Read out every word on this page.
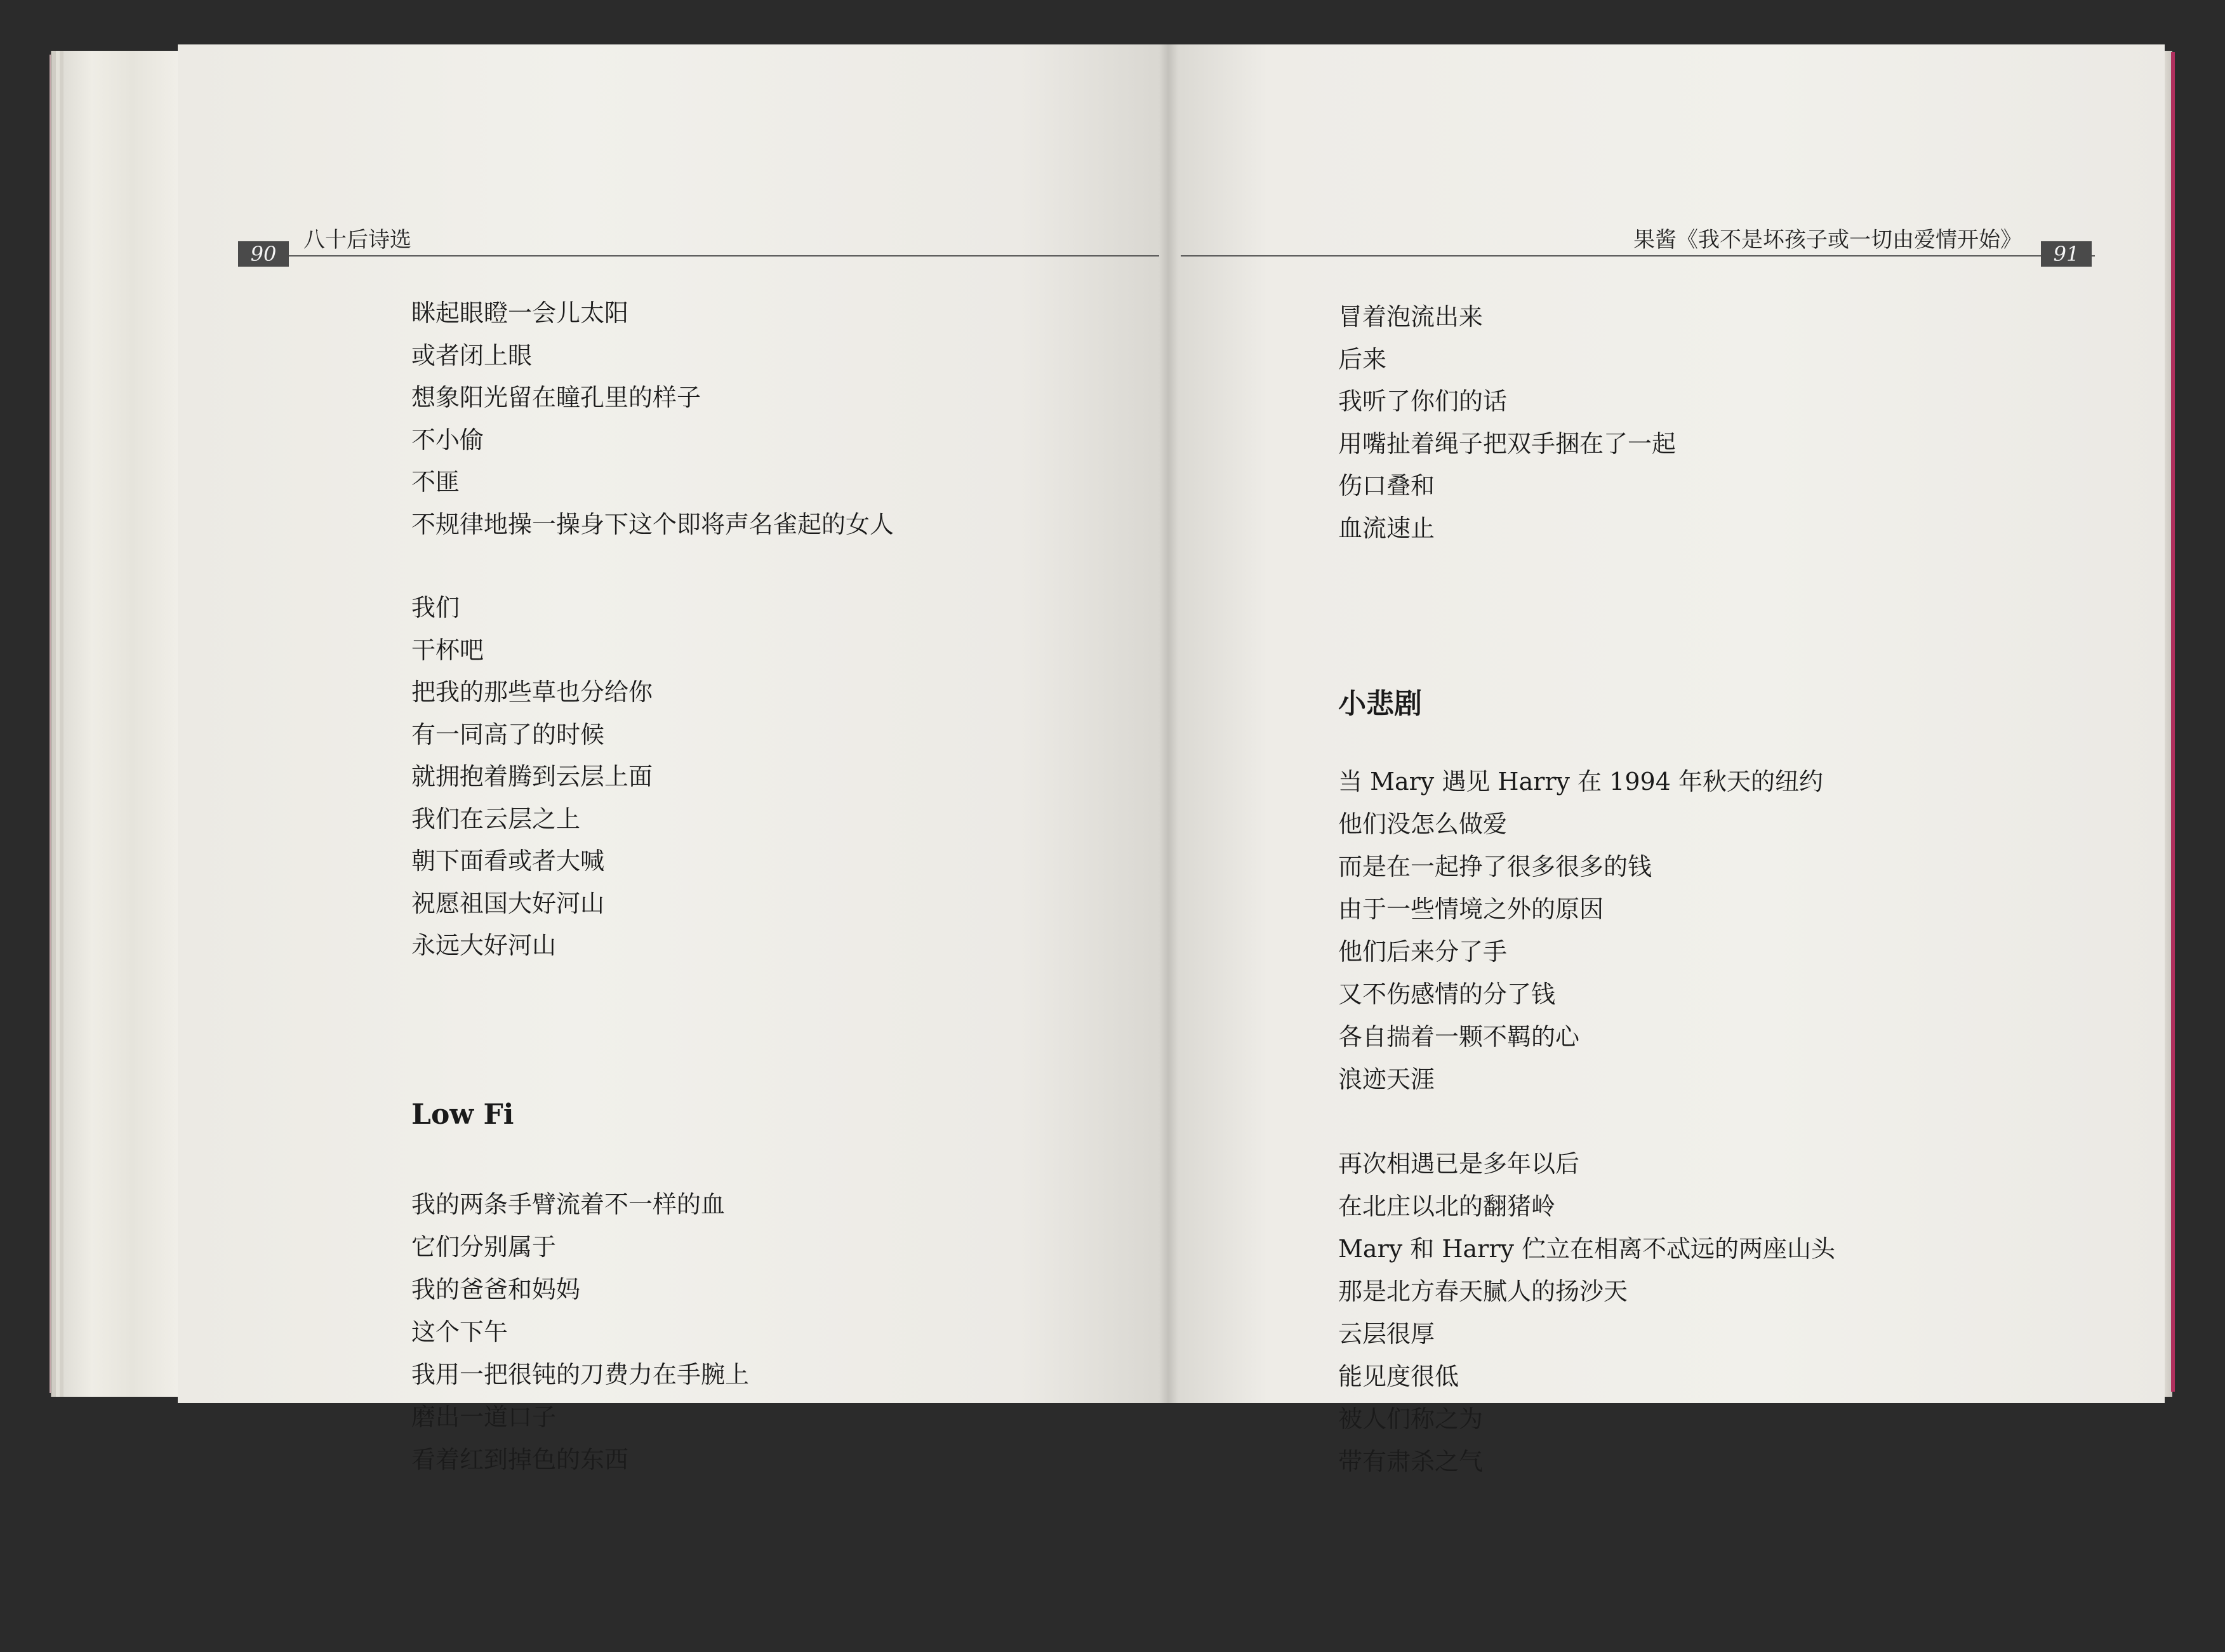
90	91
八十后诗选	果酱《我不是坏孩子或一切由爱情开始》
眯起眼瞪一会儿太阳
或者闭上眼
想象阳光留在瞳孔里的样子
不小偷
不匪
不规律地操一操身下这个即将声名雀起的女人
我们
干杯吧
把我的那些草也分给你
有一同高了的时候
就拥抱着腾到云层上面
我们在云层之上
朝下面看或者大喊
祝愿祖国大好河山
永远大好河山
Low Fi
我的两条手臂流着不一样的血
它们分别属于
我的爸爸和妈妈
这个下午
我用一把很钝的刀费力在手腕上
磨出一道口子
看着红到掉色的东西
冒着泡流出来
后来
我听了你们的话
用嘴扯着绳子把双手捆在了一起
伤口叠和
血流速止
小悲剧
当 Mary 遇见 Harry 在 1994 年秋天的纽约
他们没怎么做爱
而是在一起挣了很多很多的钱
由于一些情境之外的原因
他们后来分了手
又不伤感情的分了钱
各自揣着一颗不羁的心
浪迹天涯
再次相遇已是多年以后
在北庄以北的翻猪岭
Mary 和 Harry 伫立在相离不忒远的两座山头
那是北方春天腻人的扬沙天
云层很厚
能见度很低
被人们称之为
带有肃杀之气
